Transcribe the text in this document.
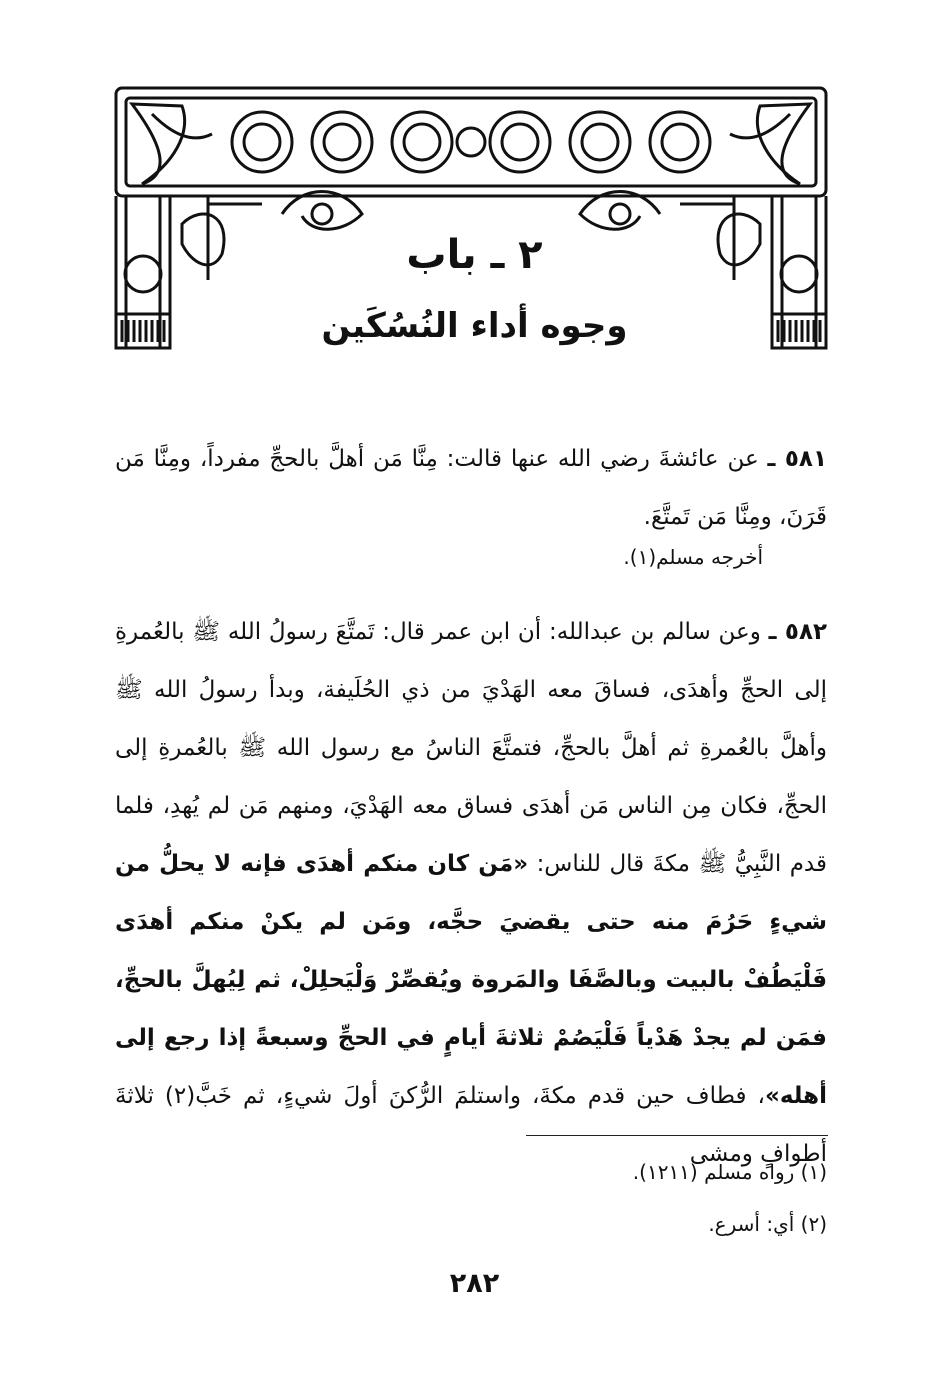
٢ ـ باب
وجوه أداء النُسُكَين
٥٨١ ـ عن عائشةَ رضي الله عنها قالت: مِنَّا مَن أهلَّ بالحجِّ مفرداً، ومِنَّا مَن قَرَنَ، ومِنَّا مَن تَمتَّعَ.
أخرجه مسلم(١).
٥٨٢ ـ وعن سالم بن عبدالله: أن ابن عمر قال: تَمتَّعَ رسولُ الله ﷺ بالعُمرةِ إلى الحجِّ وأهدَى، فساقَ معه الهَدْيَ من ذي الحُلَيفة، وبدأ رسولُ الله ﷺ وأهلَّ بالعُمرةِ ثم أهلَّ بالحجِّ، فتمتَّعَ الناسُ مع رسول الله ﷺ بالعُمرةِ إلى الحجِّ، فكان مِن الناس مَن أهدَى فساق معه الهَدْيَ، ومنهم مَن لم يُهدِ، فلما قدم النَّبِيُّ ﷺ مكةَ قال للناس: «مَن كان منكم أهدَى فإنه لا يحلُّ من شيءٍ حَرُمَ منه حتى يقضيَ حجَّه، ومَن لم يكنْ منكم أهدَى فَلْيَطُفْ بالبيت وبالصَّفَا والمَروة ويُقصِّرْ وَلْيَحلِلْ، ثم لِيُهلَّ بالحجِّ، فمَن لم يجدْ هَدْياً فَلْيَصُمْ ثلاثةَ أيامٍ في الحجِّ وسبعةً إذا رجع إلى أهله»، فطاف حين قدم مكةَ، واستلمَ الرُّكنَ أولَ شيءٍ، ثم خَبَّ(٢) ثلاثةَ أطوافٍ ومشى
(١) رواه مسلم (١٢١١).
(٢) أي: أسرع.
٢٨٢
